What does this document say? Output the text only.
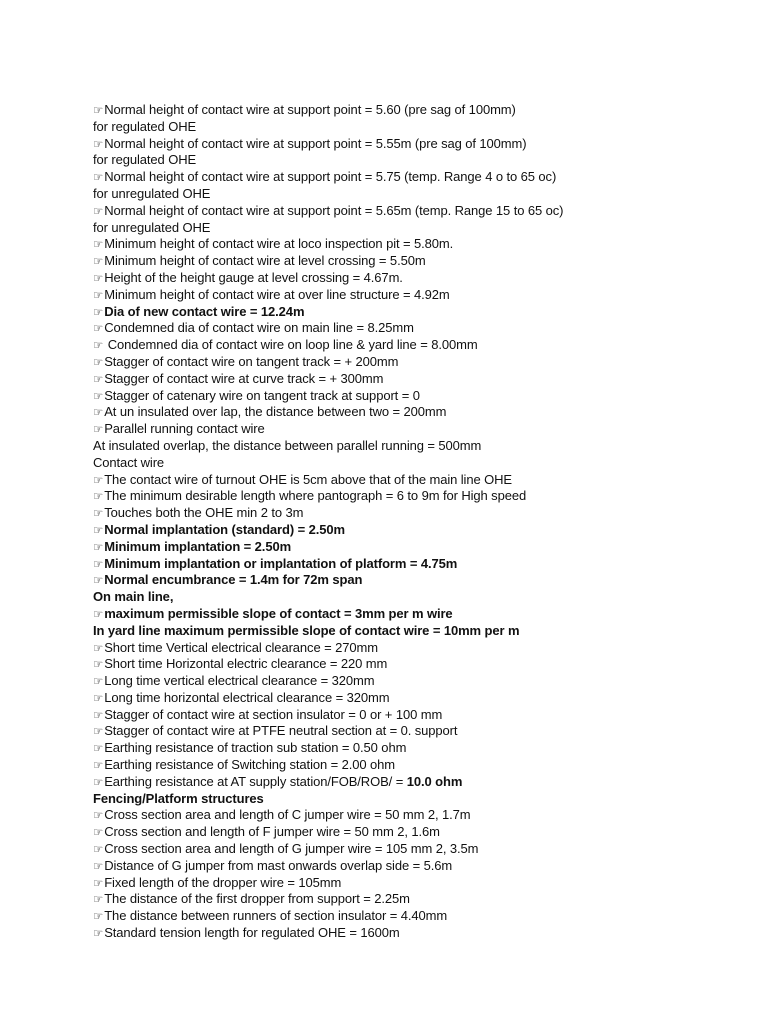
☞Normal height of contact wire at support point = 5.60 (pre sag of 100mm)
for regulated OHE
☞Normal height of contact wire at support point = 5.55m (pre sag of 100mm)
for regulated OHE
☞Normal height of contact wire at support point = 5.75 (temp. Range 4 o to 65 oc)
for unregulated OHE
☞Normal height of contact wire at support point = 5.65m (temp. Range 15 to 65 oc)
for unregulated OHE
☞Minimum height of contact wire at loco inspection pit = 5.80m.
☞Minimum height of contact wire at level crossing = 5.50m
☞Height of the height gauge at level crossing = 4.67m.
☞Minimum height of contact wire at over line structure = 4.92m
☞Dia of new contact wire = 12.24m
☞Condemned dia of contact wire on main line = 8.25mm
☞ Condemned dia of contact wire on loop line & yard line = 8.00mm
☞Stagger of contact wire on tangent track = + 200mm
☞Stagger of contact wire at curve track = + 300mm
☞Stagger of catenary wire on tangent track at support = 0
☞At un insulated over lap, the distance between two = 200mm
☞Parallel running contact wire
At insulated overlap, the distance between parallel running = 500mm
Contact wire
☞The contact wire of turnout OHE is 5cm above that of the main line OHE
☞The minimum desirable length where pantograph = 6 to 9m for High speed
☞Touches both the OHE min 2 to 3m
☞Normal implantation (standard) = 2.50m
☞Minimum implantation = 2.50m
☞Minimum implantation or implantation of platform = 4.75m
☞Normal encumbrance = 1.4m for 72m span
On main line,
☞maximum permissible slope of contact = 3mm per m wire
In yard line maximum permissible slope of contact wire = 10mm per m
☞Short time Vertical electrical clearance = 270mm
☞Short time Horizontal electric clearance = 220 mm
☞Long time vertical electrical clearance = 320mm
☞Long time horizontal electrical clearance = 320mm
☞Stagger of contact wire at section insulator = 0 or + 100 mm
☞Stagger of contact wire at PTFE neutral section at = 0. support
☞Earthing resistance of traction sub station = 0.50 ohm
☞Earthing resistance of Switching station = 2.00 ohm
☞Earthing resistance at AT supply station/FOB/ROB/ = 10.0 ohm
Fencing/Platform structures
☞Cross section area and length of C jumper wire = 50 mm 2, 1.7m
☞Cross section and length of F jumper wire = 50 mm 2, 1.6m
☞Cross section area and length of G jumper wire = 105 mm 2, 3.5m
☞Distance of G jumper from mast onwards overlap side = 5.6m
☞Fixed length of the dropper wire = 105mm
☞The distance of the first dropper from support = 2.25m
☞The distance between runners of section insulator = 4.40mm
☞Standard tension length for regulated OHE = 1600m
